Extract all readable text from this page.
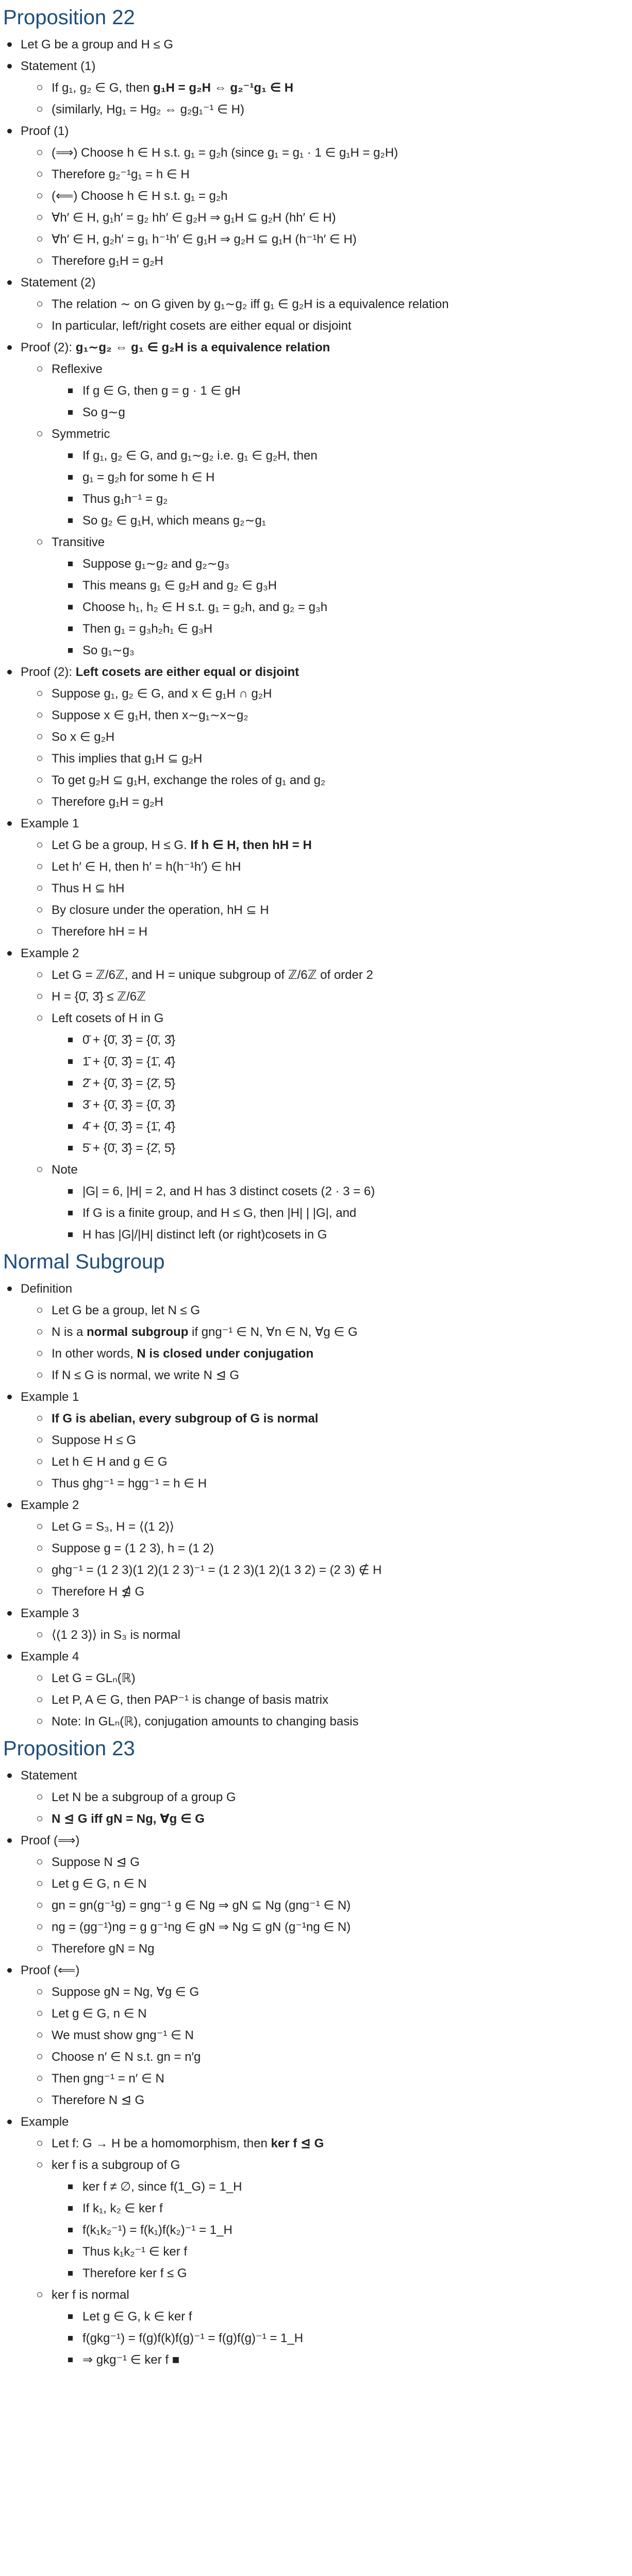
Proposition 22
Let G be a group and H ≤ G
Statement (1)
If g₁, g₂ ∈ G, then g₁H = g₂H ⇔ g₂⁻¹g₁ ∈ H
(similarly, Hg₁ = Hg₂ ⇔ g₂g₁⁻¹ ∈ H)
Proof (1)
(⟹) Choose h ∈ H s.t. g₁ = g₂h (since g₁ = g₁ · 1 ∈ g₁H = g₂H)
Therefore g₂⁻¹g₁ = h ∈ H
(⟸) Choose h ∈ H s.t. g₁ = g₂h
∀h′ ∈ H, g₁h′ = g₂ hh′ ∈ g₂H ⇒ g₁H ⊆ g₂H (hh′ ∈ H)
∀h′ ∈ H, g₂h′ = g₁ h⁻¹h′ ∈ g₁H ⇒ g₂H ⊆ g₁H (h⁻¹h′ ∈ H)
Therefore g₁H = g₂H
Statement (2)
The relation ∼ on G given by g₁∼g₂ iff g₁ ∈ g₂H is a equivalence relation
In particular, left/right cosets are either equal or disjoint
Proof (2): g₁∼g₂ ⇔ g₁ ∈ g₂H is a equivalence relation
Reflexive
If g ∈ G, then g = g · 1 ∈ gH
So g∼g
Symmetric
If g₁, g₂ ∈ G, and g₁∼g₂ i.e. g₁ ∈ g₂H, then
g₁ = g₂h for some h ∈ H
Thus g₁h⁻¹ = g₂
So g₂ ∈ g₁H, which means g₂∼g₁
Transitive
Suppose g₁∼g₂ and g₂∼g₃
This means g₁ ∈ g₂H and g₂ ∈ g₃H
Choose h₁, h₂ ∈ H s.t. g₁ = g₂h, and g₂ = g₃h
Then g₁ = g₃h₂h₁ ∈ g₃H
So g₁∼g₃
Proof (2): Left cosets are either equal or disjoint
Suppose g₁, g₂ ∈ G, and x ∈ g₁H ∩ g₂H
Suppose x ∈ g₁H, then x∼g₁∼x∼g₂
So x ∈ g₂H
This implies that g₁H ⊆ g₂H
To get g₂H ⊆ g₁H, exchange the roles of g₁ and g₂
Therefore g₁H = g₂H
Example 1
Let G be a group, H ≤ G. If h ∈ H, then hH = H
Let h′ ∈ H, then h′ = h(h⁻¹h′) ∈ hH
Thus H ⊆ hH
By closure under the operation, hH ⊆ H
Therefore hH = H
Example 2
Let G = ℤ/6ℤ, and H = unique subgroup of ℤ/6ℤ of order 2
H = {0̄, 3̄} ≤ ℤ/6ℤ
Left cosets of H in G
0̄ + {0̄, 3̄} = {0̄, 3̄}
1̄ + {0̄, 3̄} = {1̄, 4̄}
2̄ + {0̄, 3̄} = {2̄, 5̄}
3̄ + {0̄, 3̄} = {0̄, 3̄}
4̄ + {0̄, 3̄} = {1̄, 4̄}
5̄ + {0̄, 3̄} = {2̄, 5̄}
Note
|G| = 6, |H| = 2, and H has 3 distinct cosets (2 · 3 = 6)
If G is a finite group, and H ≤ G, then |H| | |G|, and
H has |G|/|H| distinct left (or right)cosets in G
Normal Subgroup
Definition
Let G be a group, let N ≤ G
N is a normal subgroup if gng⁻¹ ∈ N, ∀n ∈ N, ∀g ∈ G
In other words, N is closed under conjugation
If N ≤ G is normal, we write N ⊴ G
Example 1
If G is abelian, every subgroup of G is normal
Suppose H ≤ G
Let h ∈ H and g ∈ G
Thus ghg⁻¹ = hgg⁻¹ = h ∈ H
Example 2
Let G = S₃, H = ⟨(1 2)⟩
Suppose g = (1 2 3), h = (1 2)
ghg⁻¹ = (1 2 3)(1 2)(1 2 3)⁻¹ = (1 2 3)(1 2)(1 3 2) = (2 3) ∉ H
Therefore H ⋬ G
Example 3
⟨(1 2 3)⟩ in S₃ is normal
Example 4
Let G = GLₙ(ℝ)
Let P, A ∈ G, then PAP⁻¹ is change of basis matrix
Note: In GLₙ(ℝ), conjugation amounts to changing basis
Proposition 23
Statement
Let N be a subgroup of a group G
N ⊴ G iff gN = Ng, ∀g ∈ G
Proof (⟹)
Suppose N ⊴ G
Let g ∈ G, n ∈ N
gn = gn(g⁻¹g) = gng⁻¹ g ∈ Ng ⇒ gN ⊆ Ng (gng⁻¹ ∈ N)
ng = (gg⁻¹)ng = g g⁻¹ng ∈ gN ⇒ Ng ⊆ gN (g⁻¹ng ∈ N)
Therefore gN = Ng
Proof (⟸)
Suppose gN = Ng, ∀g ∈ G
Let g ∈ G, n ∈ N
We must show gng⁻¹ ∈ N
Choose n′ ∈ N s.t. gn = n′g
Then gng⁻¹ = n′ ∈ N
Therefore N ⊴ G
Example
Let f: G → H be a homomorphism, then ker f ⊴ G
ker f is a subgroup of G
ker f ≠ ∅, since f(1_G) = 1_H
If k₁, k₂ ∈ ker f
f(k₁k₂⁻¹) = f(k₁)f(k₂)⁻¹ = 1_H
Thus k₁k₂⁻¹ ∈ ker f
Therefore ker f ≤ G
ker f is normal
Let g ∈ G, k ∈ ker f
f(gkg⁻¹) = f(g)f(k)f(g)⁻¹ = f(g)f(g)⁻¹ = 1_H
⇒ gkg⁻¹ ∈ ker f ■
